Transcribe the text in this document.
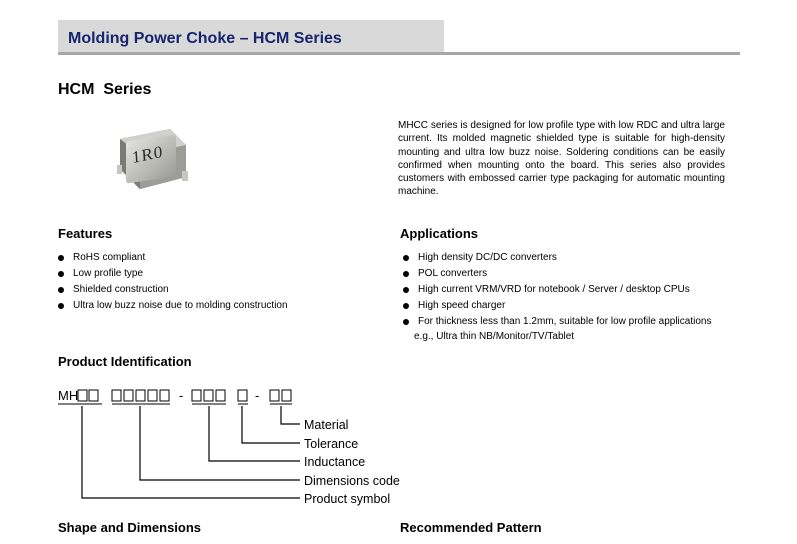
Molding Power Choke – HCM Series
HCM  Series
1R0
MHCC series is designed for low profile type with low RDC and ultra large current. Its molded magnetic shielded type is suitable for high-density mounting and ultra low buzz noise. Soldering conditions can be easily confirmed when mounting onto the board. This series also provides customers with embossed carrier type packaging for automatic mounting machine.
Features
RoHS compliant
Low profile type
Shielded construction
Ultra low buzz noise due to molding construction
Applications
High density DC/DC converters
POL converters
High current VRM/VRD for notebook / Server / desktop CPUs
High speed charger
For thickness less than 1.2mm, suitable for low profile applications
e.g., Ultra thin NB/Monitor/TV/Tablet
Product Identification
MH	-	-
Material
Tolerance
Inductance
Dimensions code
Product symbol
Shape and Dimensions	Recommended Pattern
